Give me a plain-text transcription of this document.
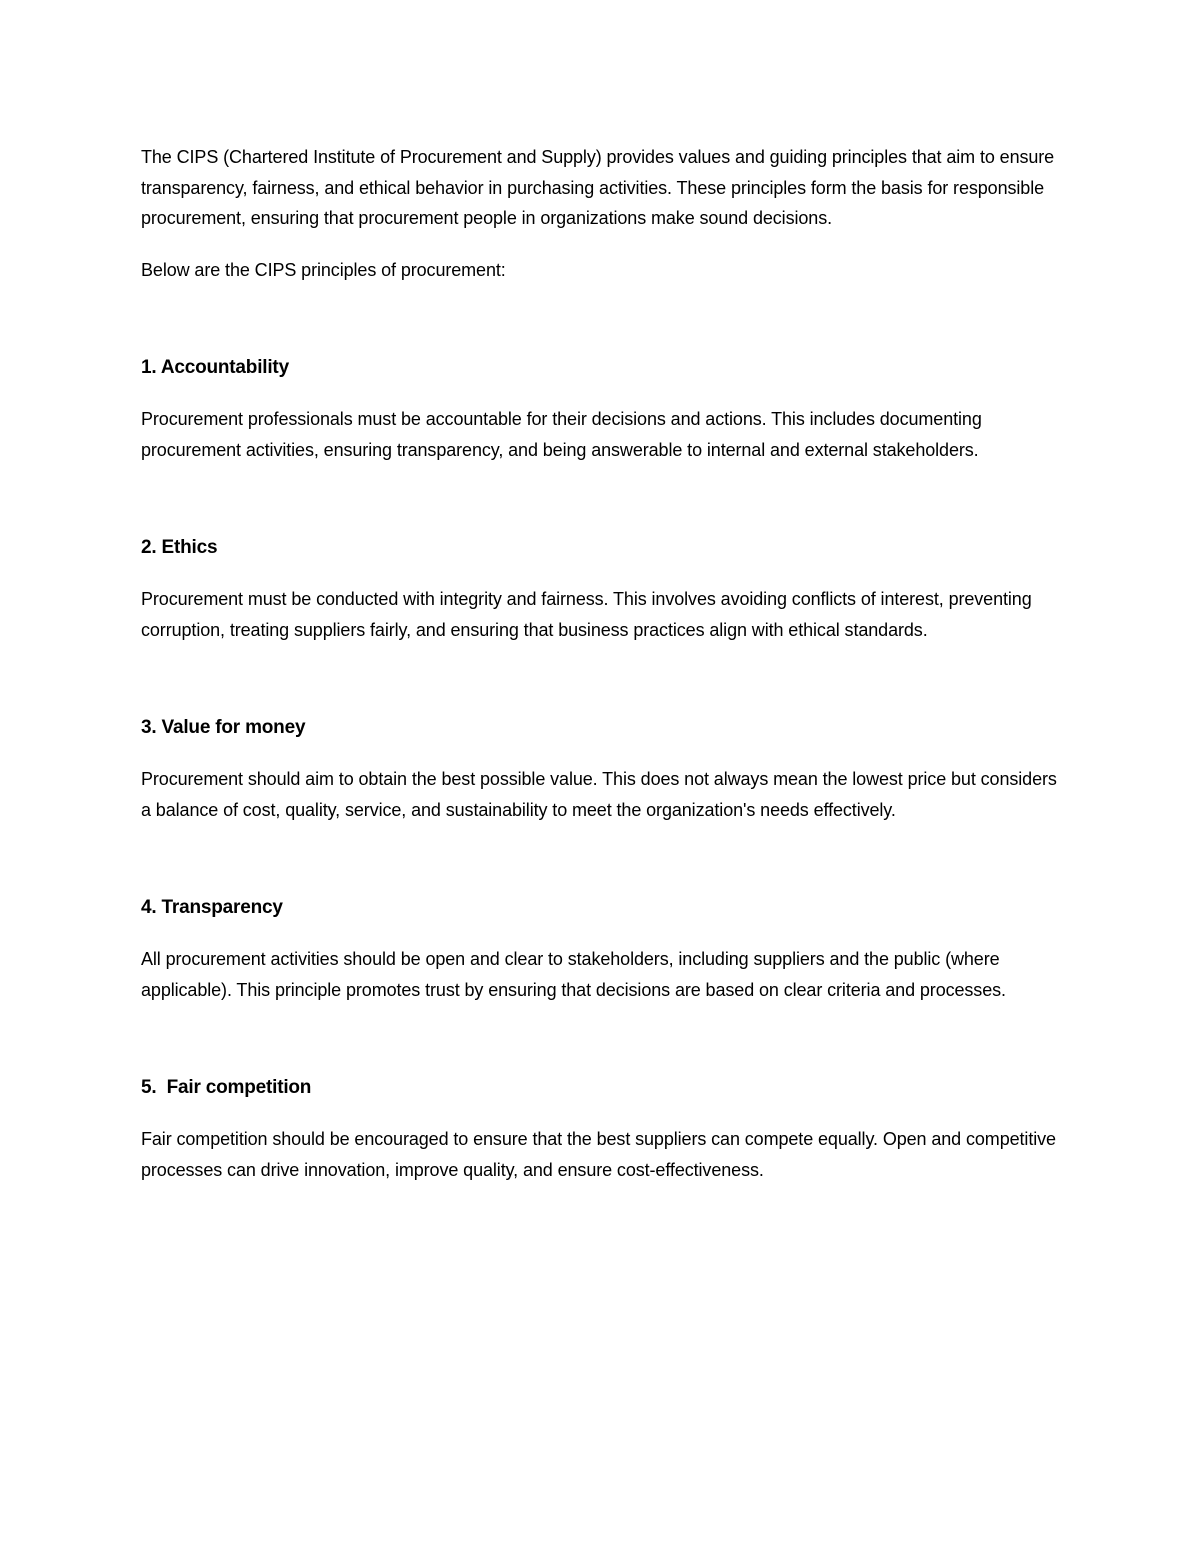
The CIPS (Chartered Institute of Procurement and Supply) provides values and guiding principles that aim to ensure transparency, fairness, and ethical behavior in purchasing activities. These principles form the basis for responsible procurement, ensuring that procurement people in organizations make sound decisions.

Below are the CIPS principles of procurement:

1. Accountability

Procurement professionals must be accountable for their decisions and actions. This includes documenting procurement activities, ensuring transparency, and being answerable to internal and external stakeholders.

2. Ethics

Procurement must be conducted with integrity and fairness. This involves avoiding conflicts of interest, preventing corruption, treating suppliers fairly, and ensuring that business practices align with ethical standards.

3. Value for money

Procurement should aim to obtain the best possible value. This does not always mean the lowest price but considers a balance of cost, quality, service, and sustainability to meet the organization's needs effectively.

4. Transparency

All procurement activities should be open and clear to stakeholders, including suppliers and the public (where applicable). This principle promotes trust by ensuring that decisions are based on clear criteria and processes.

5. Fair competition

Fair competition should be encouraged to ensure that the best suppliers can compete equally. Open and competitive processes can drive innovation, improve quality, and ensure cost-effectiveness.
